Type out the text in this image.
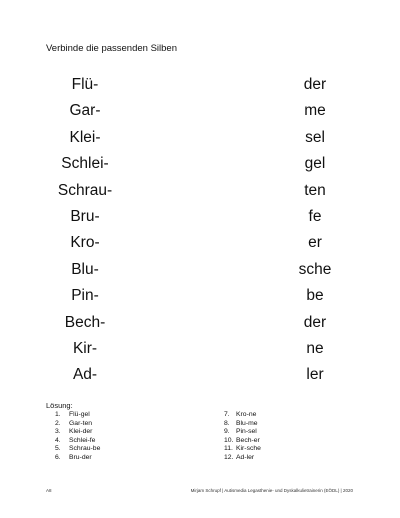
Verbinde die passenden Silben
Flü-	der
Gar-	me
Klei-	sel
Schlei-	gel
Schrau-	ten
Bru-	fe
Kro-	er
Blu-	sche
Pin-	be
Bech-	der
Kir-	ne
Ad-	ler
Lösung:
1. Flü-gel
2. Gar-ten
3. Klei-der
4. Schlei-fe
5. Schrau-be
6. Bru-der
7. Kro-ne
8. Blu-me
9. Pin-sel
10. Bech-er
11. Kir-sche
12. Ad-ler
A8	Mirjam Schrupf | Autismedia Legasthenie- und Dyskalkulietrainerin (EÖDL) | 2020
